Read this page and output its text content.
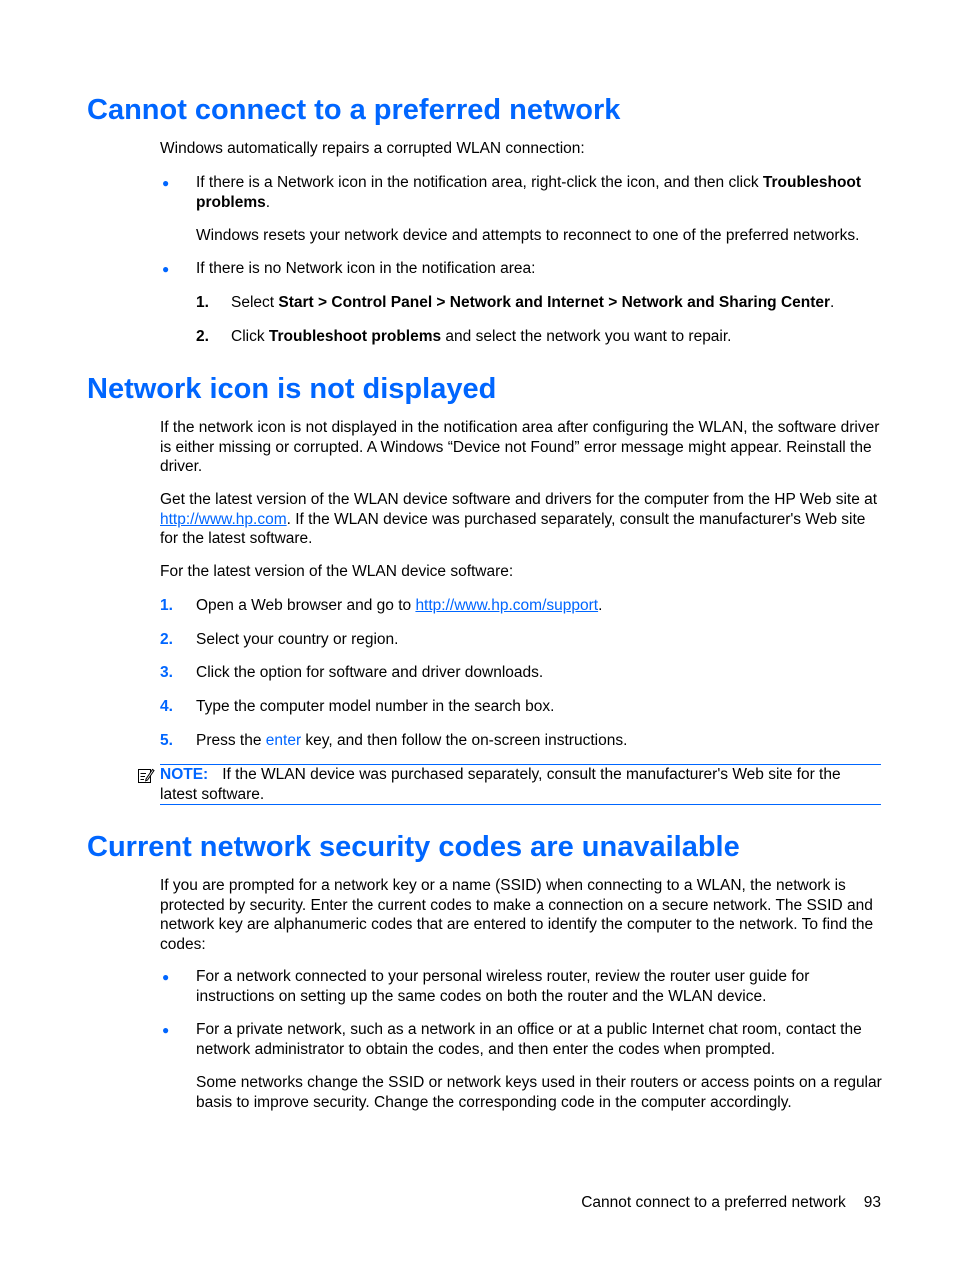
Cannot connect to a preferred network

Windows automatically repairs a corrupted WLAN connection:

●	If there is a Network icon in the notification area, right-click the icon, and then click Troubleshoot problems.

Windows resets your network device and attempts to reconnect to one of the preferred networks.

●	If there is no Network icon in the notification area:

1. Select Start > Control Panel > Network and Internet > Network and Sharing Center.

2. Click Troubleshoot problems and select the network you want to repair.

Network icon is not displayed

If the network icon is not displayed in the notification area after configuring the WLAN, the software driver is either missing or corrupted. A Windows “Device not Found” error message might appear. Reinstall the driver.

Get the latest version of the WLAN device software and drivers for the computer from the HP Web site at http://www.hp.com. If the WLAN device was purchased separately, consult the manufacturer's Web site for the latest software.

For the latest version of the WLAN device software:

1. Open a Web browser and go to http://www.hp.com/support.

2. Select your country or region.

3. Click the option for software and driver downloads.

4. Type the computer model number in the search box.

5. Press the enter key, and then follow the on-screen instructions.

NOTE: If the WLAN device was purchased separately, consult the manufacturer's Web site for the latest software.

Current network security codes are unavailable

If you are prompted for a network key or a name (SSID) when connecting to a WLAN, the network is protected by security. Enter the current codes to make a connection on a secure network. The SSID and network key are alphanumeric codes that are entered to identify the computer to the network. To find the codes:

●	For a network connected to your personal wireless router, review the router user guide for instructions on setting up the same codes on both the router and the WLAN device.

●	For a private network, such as a network in an office or at a public Internet chat room, contact the network administrator to obtain the codes, and then enter the codes when prompted.

Some networks change the SSID or network keys used in their routers or access points on a regular basis to improve security. Change the corresponding code in the computer accordingly.

Cannot connect to a preferred network 93
